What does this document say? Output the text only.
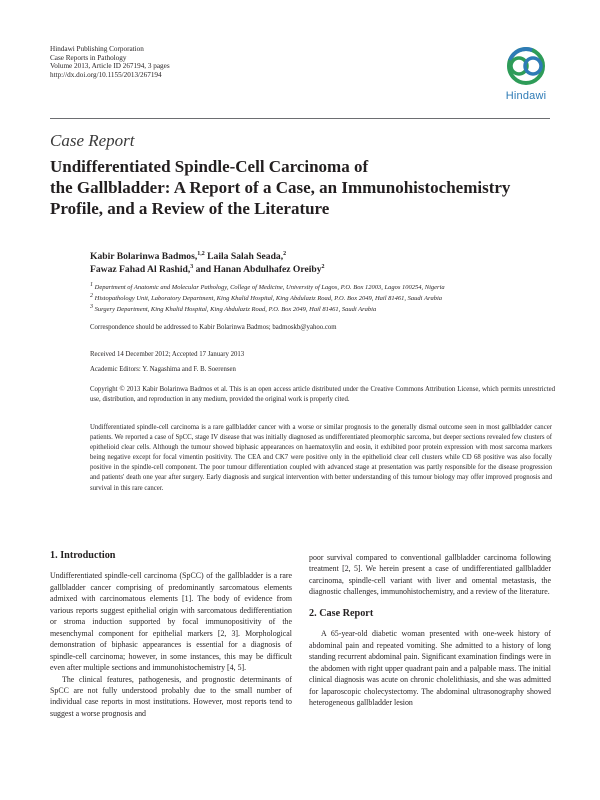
Hindawi Publishing Corporation
Case Reports in Pathology
Volume 2013, Article ID 267194, 3 pages
http://dx.doi.org/10.1155/2013/267194
Hindawi
Case Report
Undifferentiated Spindle-Cell Carcinoma of
the Gallbladder: A Report of a Case, an Immunohistochemistry
Profile, and a Review of the Literature
Kabir Bolarinwa Badmos,$^{1,2}$ Laila Salah Seada,$^2$
Fawaz Fahad Al Rashid,$^3$ and Hanan Abdulhafez Oreiby$^2$
$^1$ Department of Anatomic and Molecular Pathology, College of Medicine, University of Lagos, P.O. Box 12003, Lagos 100254, Nigeria
$^2$ Histopathology Unit, Laboratory Department, King Khalid Hospital, King Abdulaziz Road, P.O. Box 2049, Hail 81461, Saudi Arabia
$^3$ Surgery Department, King Khalid Hospital, King Abdulaziz Road, P.O. Box 2049, Hail 81461, Saudi Arabia
Correspondence should be addressed to Kabir Bolarinwa Badmos; badmoskb@yahoo.com
Received 14 December 2012; Accepted 17 January 2013
Academic Editors: Y. Nagashima and F. B. Soerensen
Copyright © 2013 Kabir Bolarinwa Badmos et al. This is an open access article distributed under the Creative Commons Attribution License, which permits unrestricted use, distribution, and reproduction in any medium, provided the original work is properly cited.
Undifferentiated spindle-cell carcinoma is a rare gallbladder cancer with a worse or similar prognosis to the generally dismal outcome seen in most gallbladder cancer patients. We reported a case of SpCC, stage IV disease that was initially diagnosed as undifferentiated pleomorphic sarcoma, but deeper sections revealed few clusters of epithelioid clear cells. Although the tumour showed biphasic appearances on haematoxylin and eosin, it exhibited poor protein expression with most sarcoma markers being negative except for focal vimentin positivity. The CEA and CK7 were positive only in the epithelioid clear cell clusters while CD 68 positive was also focally positive in the spindle-cell component. The poor tumour differentiation coupled with advanced stage at presentation was partly responsible for the disease progression and patients' death one year after surgery. Early diagnosis and surgical intervention with better understanding of this tumour biology may offer improved prognosis and survival in this rare cancer.
1. Introduction

Undifferentiated spindle-cell carcinoma (SpCC) of the gallbladder is a rare gallbladder cancer comprising of predominantly sarcomatous elements admixed with carcinomatous elements [1]. The body of evidence from various reports suggest epithelial origin with sarcomatous dedifferentiation or stroma induction supported by focal immunopositivity of the mesenchymal component for epithelial markers [2, 3]. Morphological demonstration of biphasic appearances is essential for a diagnosis of spindle-cell carcinoma; however, in some instances, this may be difficult even after multiple sections and immunohistochemistry [4, 5].

The clinical features, pathogenesis, and prognostic determinants of SpCC are not fully understood probably due to the small number of individual case reports in most institutions. However, most reports tend to suggest a worse prognosis and

poor survival compared to conventional gallbladder carcinoma following treatment [2, 5]. We herein present a case of undifferentiated gallbladder carcinoma, spindle-cell variant with liver and omental metastasis, the diagnostic challenges, immunohistochemistry, and a review of the literature.

2. Case Report

A 65-year-old diabetic woman presented with one-week history of abdominal pain and repeated vomiting. She admitted to a history of long standing recurrent abdominal pain. Significant examination findings were in the abdomen with right upper quadrant pain and a palpable mass. The initial clinical diagnosis was acute on chronic cholelithiasis, and she was admitted for laparoscopic cholecystectomy. The abdominal ultrasonography showed heterogeneous gallbladder lesion
